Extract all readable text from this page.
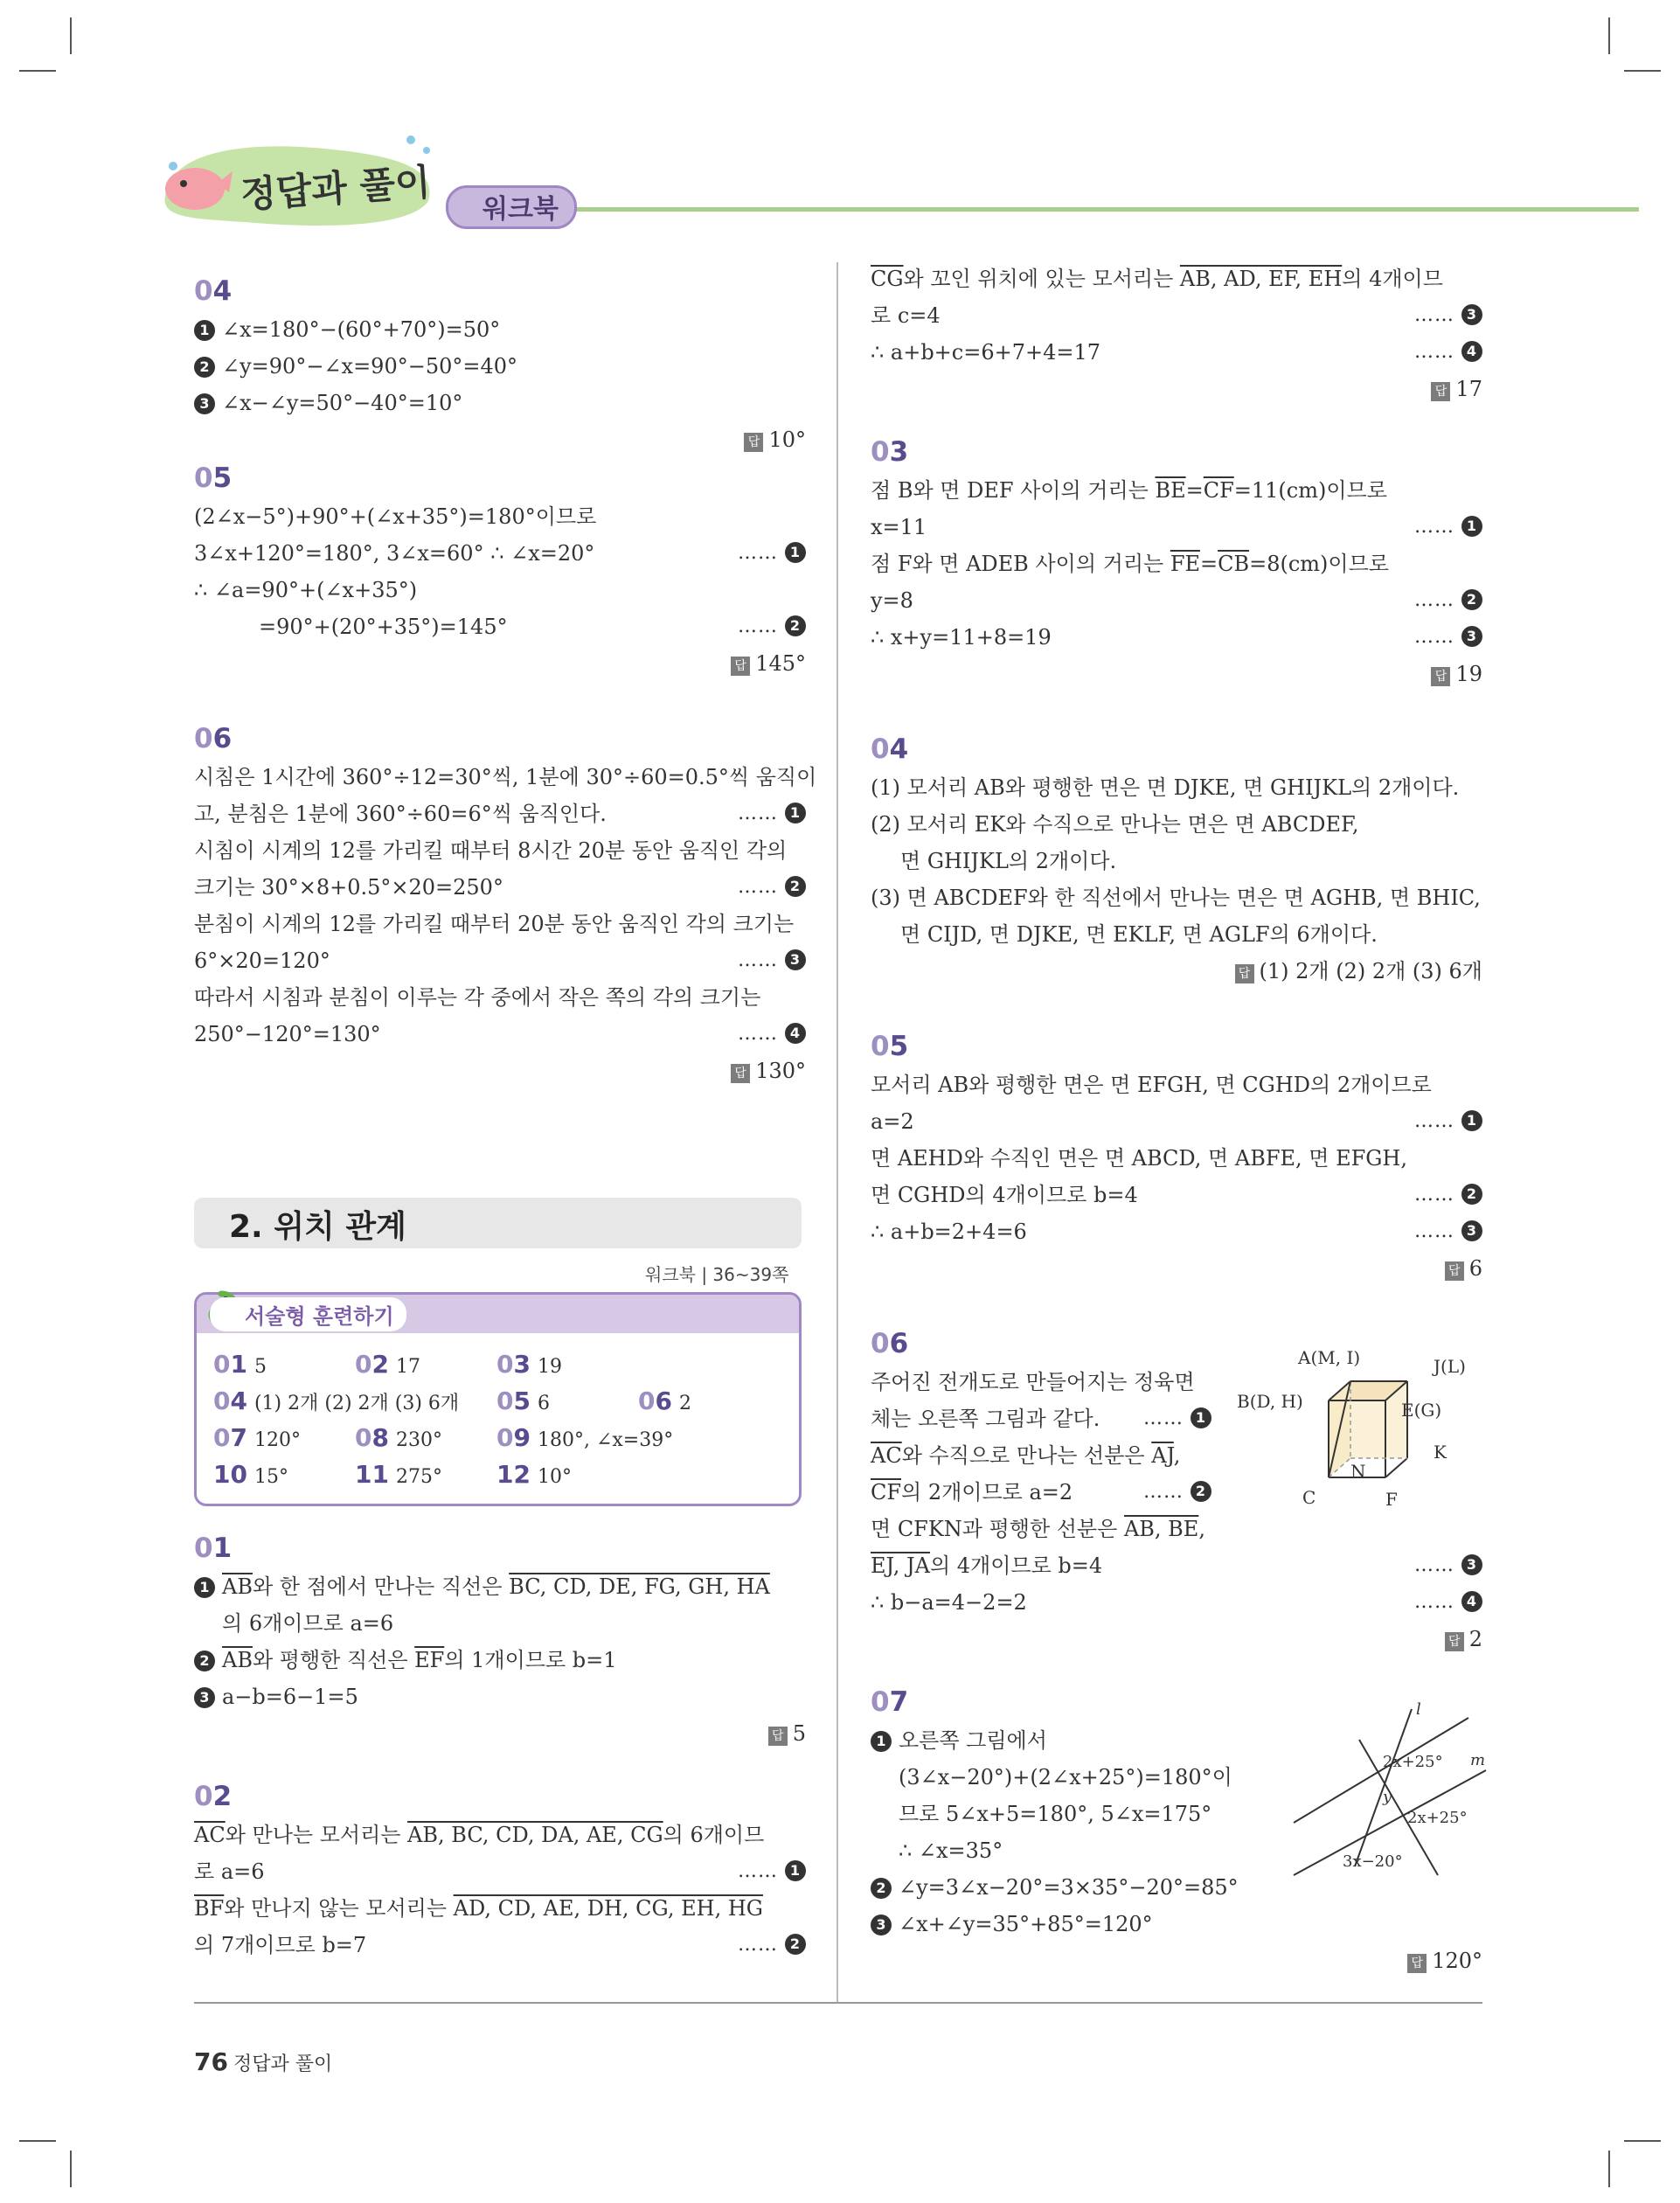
정답과 풀이	워크북
04
1 ∠x=180°−(60°+70°)=50°
2 ∠y=90°−∠x=90°−50°=40°
3 ∠x−∠y=50°−40°=10°
답 10°
05
(2∠x−5°)+90°+(∠x+35°)=180°이므로
3∠x+120°=180°, 3∠x=60° ∴ ∠x=20°	…… 1
∴ ∠a=90°+(∠x+35°)
=90°+(20°+35°)=145°	…… 2
답 145°
06
시침은 1시간에 360°÷12=30°씩, 1분에 30°÷60=0.5°씩 움직이
고, 분침은 1분에 360°÷60=6°씩 움직인다.	…… 1
시침이 시계의 12를 가리킬 때부터 8시간 20분 동안 움직인 각의
크기는 30°×8+0.5°×20=250°	…… 2
분침이 시계의 12를 가리킬 때부터 20분 동안 움직인 각의 크기는
6°×20=120°	…… 3
따라서 시침과 분침이 이루는 각 중에서 작은 쪽의 각의 크기는
250°−120°=130°	…… 4
답 130°
2. 위치 관계
워크북 | 36~39쪽
서술형 훈련하기
01 5	02 17	03 19
04 (1) 2개 (2) 2개 (3) 6개 05 6	06 2
07 120° 08 230° 09 180°, ∠x=39°
10 15°	11 275° 12 10°
01
1 $\overline{AB}$와 한 점에서 만나는 직선은 BC, CD, DE, FG, GH, HA
의 6개이므로 a=6
2 $\overline{AB}$와 평행한 직선은 $\overline{EF}$의 1개이므로 b=1
3 a−b=6−1=5
답 5
02
$\overline{AC}$와 만나는 모서리는 AB, BC, CD, DA, AE, CG의 6개이므
로 a=6	…… 1
$\overline{BF}$와 만나지 않는 모서리는 AD, CD, AE, DH, CG, EH, HG
의 7개이므로 b=7	…… 2
$\overline{CG}$와 꼬인 위치에 있는 모서리는 AB, AD, EF, EH의 4개이므
로 c=4	…… 3
∴ a+b+c=6+7+4=17	…… 4
답 17
03
점 B와 면 DEF 사이의 거리는 $\overline{BE}=\overline{CF}=11(cm)$이므로
x=11	…… 1
점 F와 면 ADEB 사이의 거리는 $\overline{FE}=\overline{CB}=8(cm)$이므로
y=8	…… 2
∴ x+y=11+8=19	…… 3
답 19
04
(1) 모서리 AB와 평행한 면은 면 DJKE, 면 GHIJKL의 2개이다.
(2) 모서리 EK와 수직으로 만나는 면은 면 ABCDEF,
면 GHIJKL의 2개이다.
(3) 면 ABCDEF와 한 직선에서 만나는 면은 면 AGHB, 면 BHIC,
면 CIJD, 면 DJKE, 면 EKLF, 면 AGLF의 6개이다.
답 (1) 2개 (2) 2개 (3) 6개
05
모서리 AB와 평행한 면은 면 EFGH, 면 CGHD의 2개이므로
a=2	…… 1
면 AEHD와 수직인 면은 면 ABCD, 면 ABFE, 면 EFGH,
면 CGHD의 4개이므로 b=4	…… 2
∴ a+b=2+4=6	…… 3
답 6
06
주어진 전개도로 만들어지는 정육면
체는 오른쪽 그림과 같다. …… 1
$\overline{AC}$와 수직으로 만나는 선분은 $\overline{AJ}$,
$\overline{CF}$의 2개이므로 a=2	…… 2
면 CFKN과 평행한 선분은 AB, BE,
EJ, JA의 4개이므로 b=4	…… 3
∴ b−a=4−2=2	…… 4
답 2
07
1 오른쪽 그림에서
(3∠x−20°)+(2∠x+25°)=180°이
므로 5∠x+5=180°, 5∠x=175°
∴ ∠x=35°
2 ∠y=3∠x−20°=3×35°−20°=85°
3 ∠x+∠y=35°+85°=120°
답 120°
A(M, I)	J(L)
B(D, H)	E(G)
K
N
C	F
l
m
2x+25°
y
2x+25°
3x−20°
76 정답과 풀이
